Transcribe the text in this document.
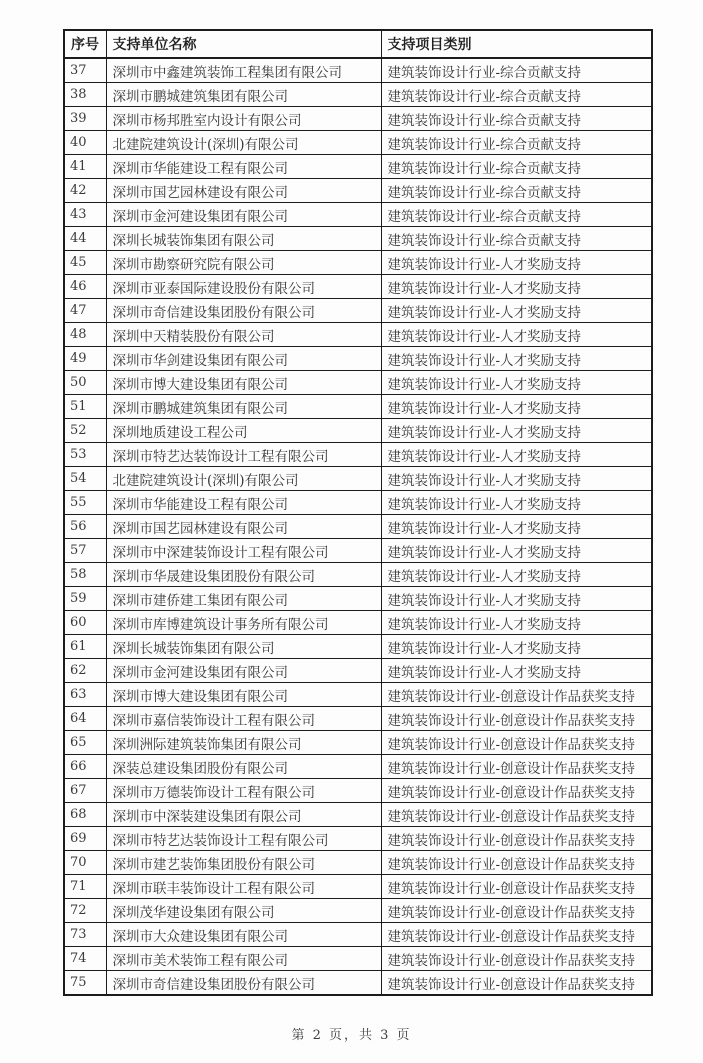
序号	支持单位名称	支持项目类别
37	深圳市中鑫建筑装饰工程集团有限公司	建筑装饰设计行业-综合贡献支持
38	深圳市鹏城建筑集团有限公司	建筑装饰设计行业-综合贡献支持
39	深圳市杨邦胜室内设计有限公司	建筑装饰设计行业-综合贡献支持
40	北建院建筑设计(深圳)有限公司	建筑装饰设计行业-综合贡献支持
41	深圳市华能建设工程有限公司	建筑装饰设计行业-综合贡献支持
42	深圳市国艺园林建设有限公司	建筑装饰设计行业-综合贡献支持
43	深圳市金河建设集团有限公司	建筑装饰设计行业-综合贡献支持
44	深圳长城装饰集团有限公司	建筑装饰设计行业-综合贡献支持
45	深圳市勘察研究院有限公司	建筑装饰设计行业-人才奖励支持
46	深圳市亚泰国际建设股份有限公司	建筑装饰设计行业-人才奖励支持
47	深圳市奇信建设集团股份有限公司	建筑装饰设计行业-人才奖励支持
48	深圳中天精装股份有限公司	建筑装饰设计行业-人才奖励支持
49	深圳市华剑建设集团有限公司	建筑装饰设计行业-人才奖励支持
50	深圳市博大建设集团有限公司	建筑装饰设计行业-人才奖励支持
51	深圳市鹏城建筑集团有限公司	建筑装饰设计行业-人才奖励支持
52	深圳地质建设工程公司	建筑装饰设计行业-人才奖励支持
53	深圳市特艺达装饰设计工程有限公司	建筑装饰设计行业-人才奖励支持
54	北建院建筑设计(深圳)有限公司	建筑装饰设计行业-人才奖励支持
55	深圳市华能建设工程有限公司	建筑装饰设计行业-人才奖励支持
56	深圳市国艺园林建设有限公司	建筑装饰设计行业-人才奖励支持
57	深圳市中深建装饰设计工程有限公司	建筑装饰设计行业-人才奖励支持
58	深圳市华晟建设集团股份有限公司	建筑装饰设计行业-人才奖励支持
59	深圳市建侨建工集团有限公司	建筑装饰设计行业-人才奖励支持
60	深圳市库博建筑设计事务所有限公司	建筑装饰设计行业-人才奖励支持
61	深圳长城装饰集团有限公司	建筑装饰设计行业-人才奖励支持
62	深圳市金河建设集团有限公司	建筑装饰设计行业-人才奖励支持
63	深圳市博大建设集团有限公司	建筑装饰设计行业-创意设计作品获奖支持
64	深圳市嘉信装饰设计工程有限公司	建筑装饰设计行业-创意设计作品获奖支持
65	深圳洲际建筑装饰集团有限公司	建筑装饰设计行业-创意设计作品获奖支持
66	深装总建设集团股份有限公司	建筑装饰设计行业-创意设计作品获奖支持
67	深圳市万德装饰设计工程有限公司	建筑装饰设计行业-创意设计作品获奖支持
68	深圳市中深装建设集团有限公司	建筑装饰设计行业-创意设计作品获奖支持
69	深圳市特艺达装饰设计工程有限公司	建筑装饰设计行业-创意设计作品获奖支持
70	深圳市建艺装饰集团股份有限公司	建筑装饰设计行业-创意设计作品获奖支持
71	深圳市联丰装饰设计工程有限公司	建筑装饰设计行业-创意设计作品获奖支持
72	深圳茂华建设集团有限公司	建筑装饰设计行业-创意设计作品获奖支持
73	深圳市大众建设集团有限公司	建筑装饰设计行业-创意设计作品获奖支持
74	深圳市美术装饰工程有限公司	建筑装饰设计行业-创意设计作品获奖支持
75	深圳市奇信建设集团股份有限公司	建筑装饰设计行业-创意设计作品获奖支持
第 2 页，共 3 页
